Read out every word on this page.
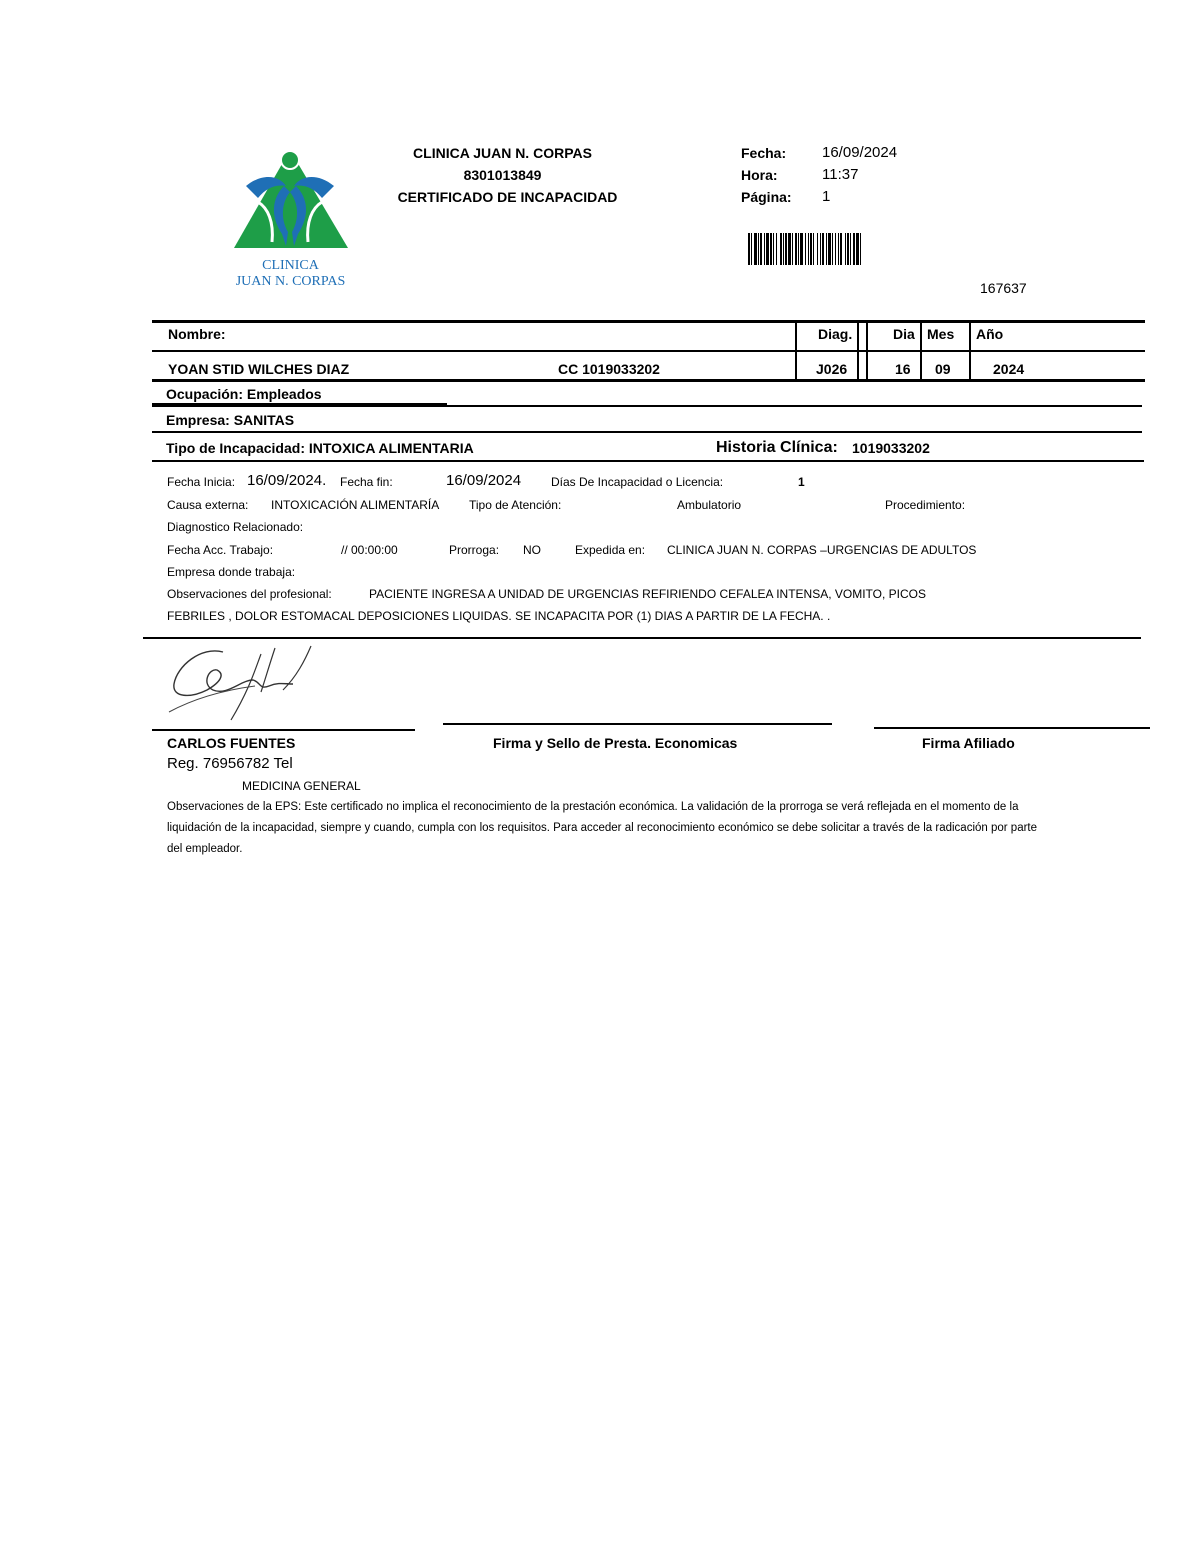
CLINICA
JUAN N. CORPAS
CLINICA JUAN N. CORPAS
8301013849
CERTIFICADO DE INCAPACIDAD
Fecha: 16/09/2024
Hora:	11:37
Página: 1
167637
Nombre:	Diag.	Dia Mes Año
YOAN STID WILCHES DIAZ	CC 1019033202	J026	16 09	2024
Ocupación: Empleados
Empresa: SANITAS
Tipo de Incapacidad: INTOXICA ALIMENTARIA	Historia Clínica: 1019033202
Fecha Inicia: 16/09/2024. Fecha fin:	16/09/2024 Días De Incapacidad o Licencia:	1
Causa externa: INTOXICACIÓN ALIMENTARÍA Tipo de Atención:	Ambulatorio	Procedimiento:
Diagnostico Relacionado:
Fecha Acc. Trabajo:	// 00:00:00	Prorroga: NO	Expedida en: CLINICA JUAN N. CORPAS –URGENCIAS DE ADULTOS
Empresa donde trabaja:
Observaciones del profesional:	PACIENTE INGRESA A UNIDAD DE URGENCIAS REFIRIENDO CEFALEA INTENSA, VOMITO, PICOS
FEBRILES , DOLOR ESTOMACAL DEPOSICIONES LIQUIDAS. SE INCAPACITA POR (1) DIAS A PARTIR DE LA FECHA. .
CARLOS FUENTES
Reg. 76956782 Tel
MEDICINA GENERAL
Firma y Sello de Presta. Economicas	Firma Afiliado
Observaciones de la EPS: Este certificado no implica el reconocimiento de la prestación económica. La validación de la prorroga se verá reflejada en el momento de la liquidación de la incapacidad, siempre y cuando, cumpla con los requisitos. Para acceder al reconocimiento económico se debe solicitar a través de la radicación por parte del empleador.
